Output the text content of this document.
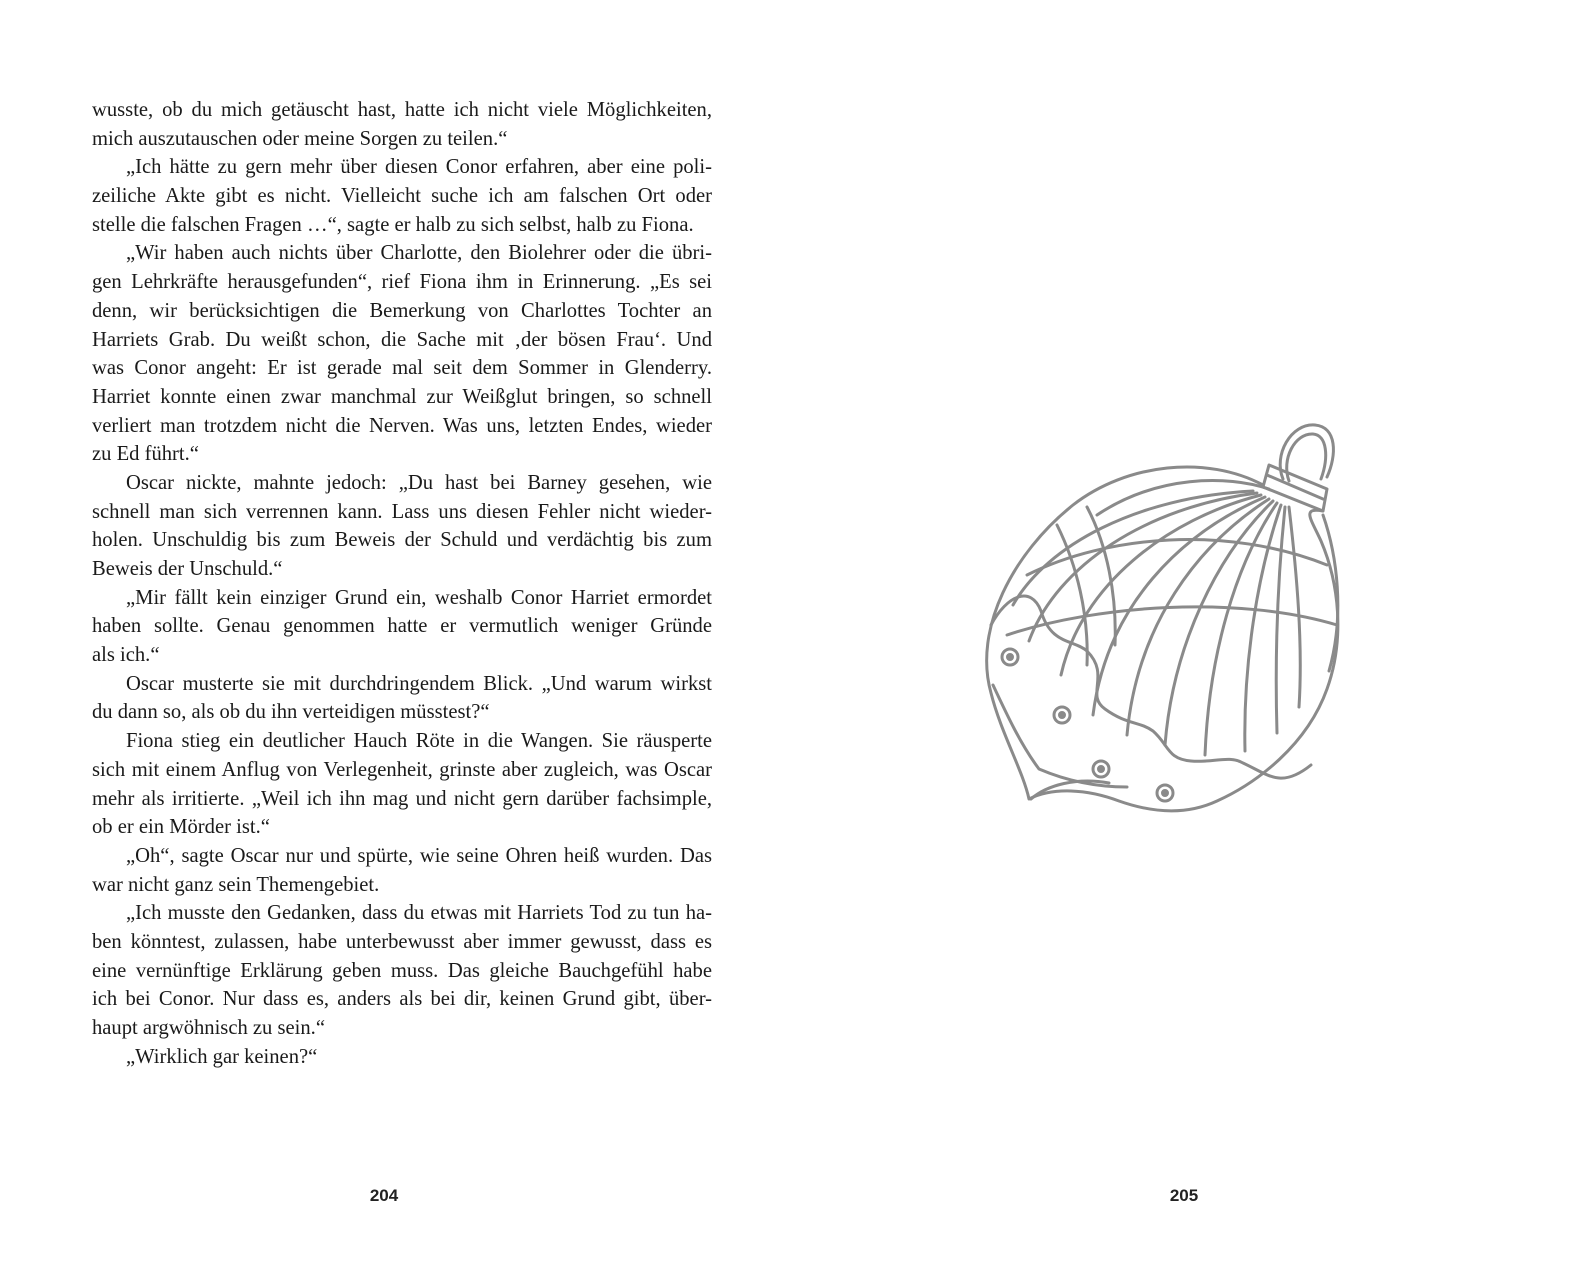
wusste, ob du mich getäuscht hast, hatte ich nicht viele Möglichkeiten,
mich auszutauschen oder meine Sorgen zu teilen.“
„Ich hätte zu gern mehr über diesen Conor erfahren, aber eine poli-
zeiliche Akte gibt es nicht. Vielleicht suche ich am falschen Ort oder
stelle die falschen Fragen …“, sagte er halb zu sich selbst, halb zu Fiona.
„Wir haben auch nichts über Charlotte, den Biolehrer oder die übri-
gen Lehrkräfte herausgefunden“, rief Fiona ihm in Erinnerung. „Es sei
denn, wir berücksichtigen die Bemerkung von Charlottes Tochter an
Harriets Grab. Du weißt schon, die Sache mit ‚der bösen Frau‘. Und
was Conor angeht: Er ist gerade mal seit dem Sommer in Glenderry.
Harriet konnte einen zwar manchmal zur Weißglut bringen, so schnell
verliert man trotzdem nicht die Nerven. Was uns, letzten Endes, wieder
zu Ed führt.“
Oscar nickte, mahnte jedoch: „Du hast bei Barney gesehen, wie
schnell man sich verrennen kann. Lass uns diesen Fehler nicht wieder-
holen. Unschuldig bis zum Beweis der Schuld und verdächtig bis zum
Beweis der Unschuld.“
„Mir fällt kein einziger Grund ein, weshalb Conor Harriet ermordet
haben sollte. Genau genommen hatte er vermutlich weniger Gründe
als ich.“
Oscar musterte sie mit durchdringendem Blick. „Und warum wirkst
du dann so, als ob du ihn verteidigen müsstest?“
Fiona stieg ein deutlicher Hauch Röte in die Wangen. Sie räusperte
sich mit einem Anflug von Verlegenheit, grinste aber zugleich, was Oscar
mehr als irritierte. „Weil ich ihn mag und nicht gern darüber fachsimple,
ob er ein Mörder ist.“
„Oh“, sagte Oscar nur und spürte, wie seine Ohren heiß wurden. Das
war nicht ganz sein Themengebiet.
„Ich musste den Gedanken, dass du etwas mit Harriets Tod zu tun ha-
ben könntest, zulassen, habe unterbewusst aber immer gewusst, dass es
eine vernünftige Erklärung geben muss. Das gleiche Bauchgefühl habe
ich bei Conor. Nur dass es, anders als bei dir, keinen Grund gibt, über-
haupt argwöhnisch zu sein.“
„Wirklich gar keinen?“
204	205
